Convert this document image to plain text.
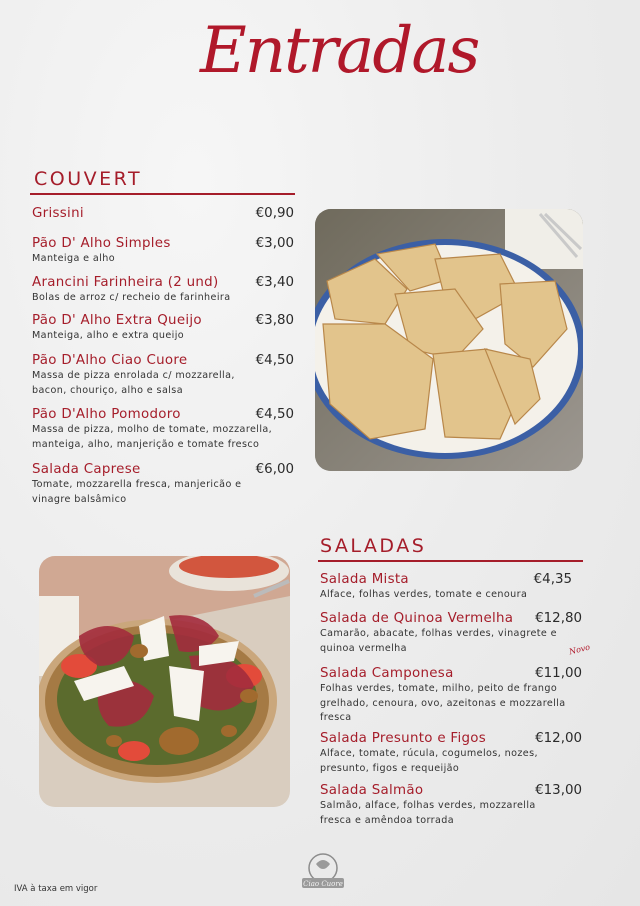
Entradas
COUVERT
Grissini	€0,90
Pão D' Alho Simples	€3,00
Manteiga e alho
Arancini Farinheira (2 und)	€3,40
Bolas de arroz c/ recheio de farinheira
Pão D' Alho Extra Queijo	€3,80
Manteiga, alho e extra queijo
Pão D'Alho Ciao Cuore	€4,50
Massa de pizza enrolada c/ mozzarella, bacon, chouriço, alho e salsa
Pão D'Alho Pomodoro	€4,50
Massa de pizza, molho de tomate, mozzarella, manteiga, alho, manjerição e tomate fresco
Salada Caprese	€6,00
Tomate, mozzarella fresca, manjericão e vinagre balsâmico
SALADAS
Salada Mista	€4,35
Alface, folhas verdes, tomate e cenoura
Salada de Quinoa Vermelha €12,80
Camarão, abacate, folhas verdes, vinagrete e quinoa vermelha	Novo
Salada Camponesa	€11,00
Folhas verdes, tomate, milho, peito de frango grelhado, cenoura, ovo, azeitonas e mozzarella fresca
Salada Presunto e Figos	€12,00
Alface, tomate, rúcula, cogumelos, nozes, presunto, figos e requeijão
Salada Salmão	€13,00
Salmão, alface, folhas verdes, mozzarella fresca e amêndoa torrada
IVA à taxa em vigor	Ciao Cuore
